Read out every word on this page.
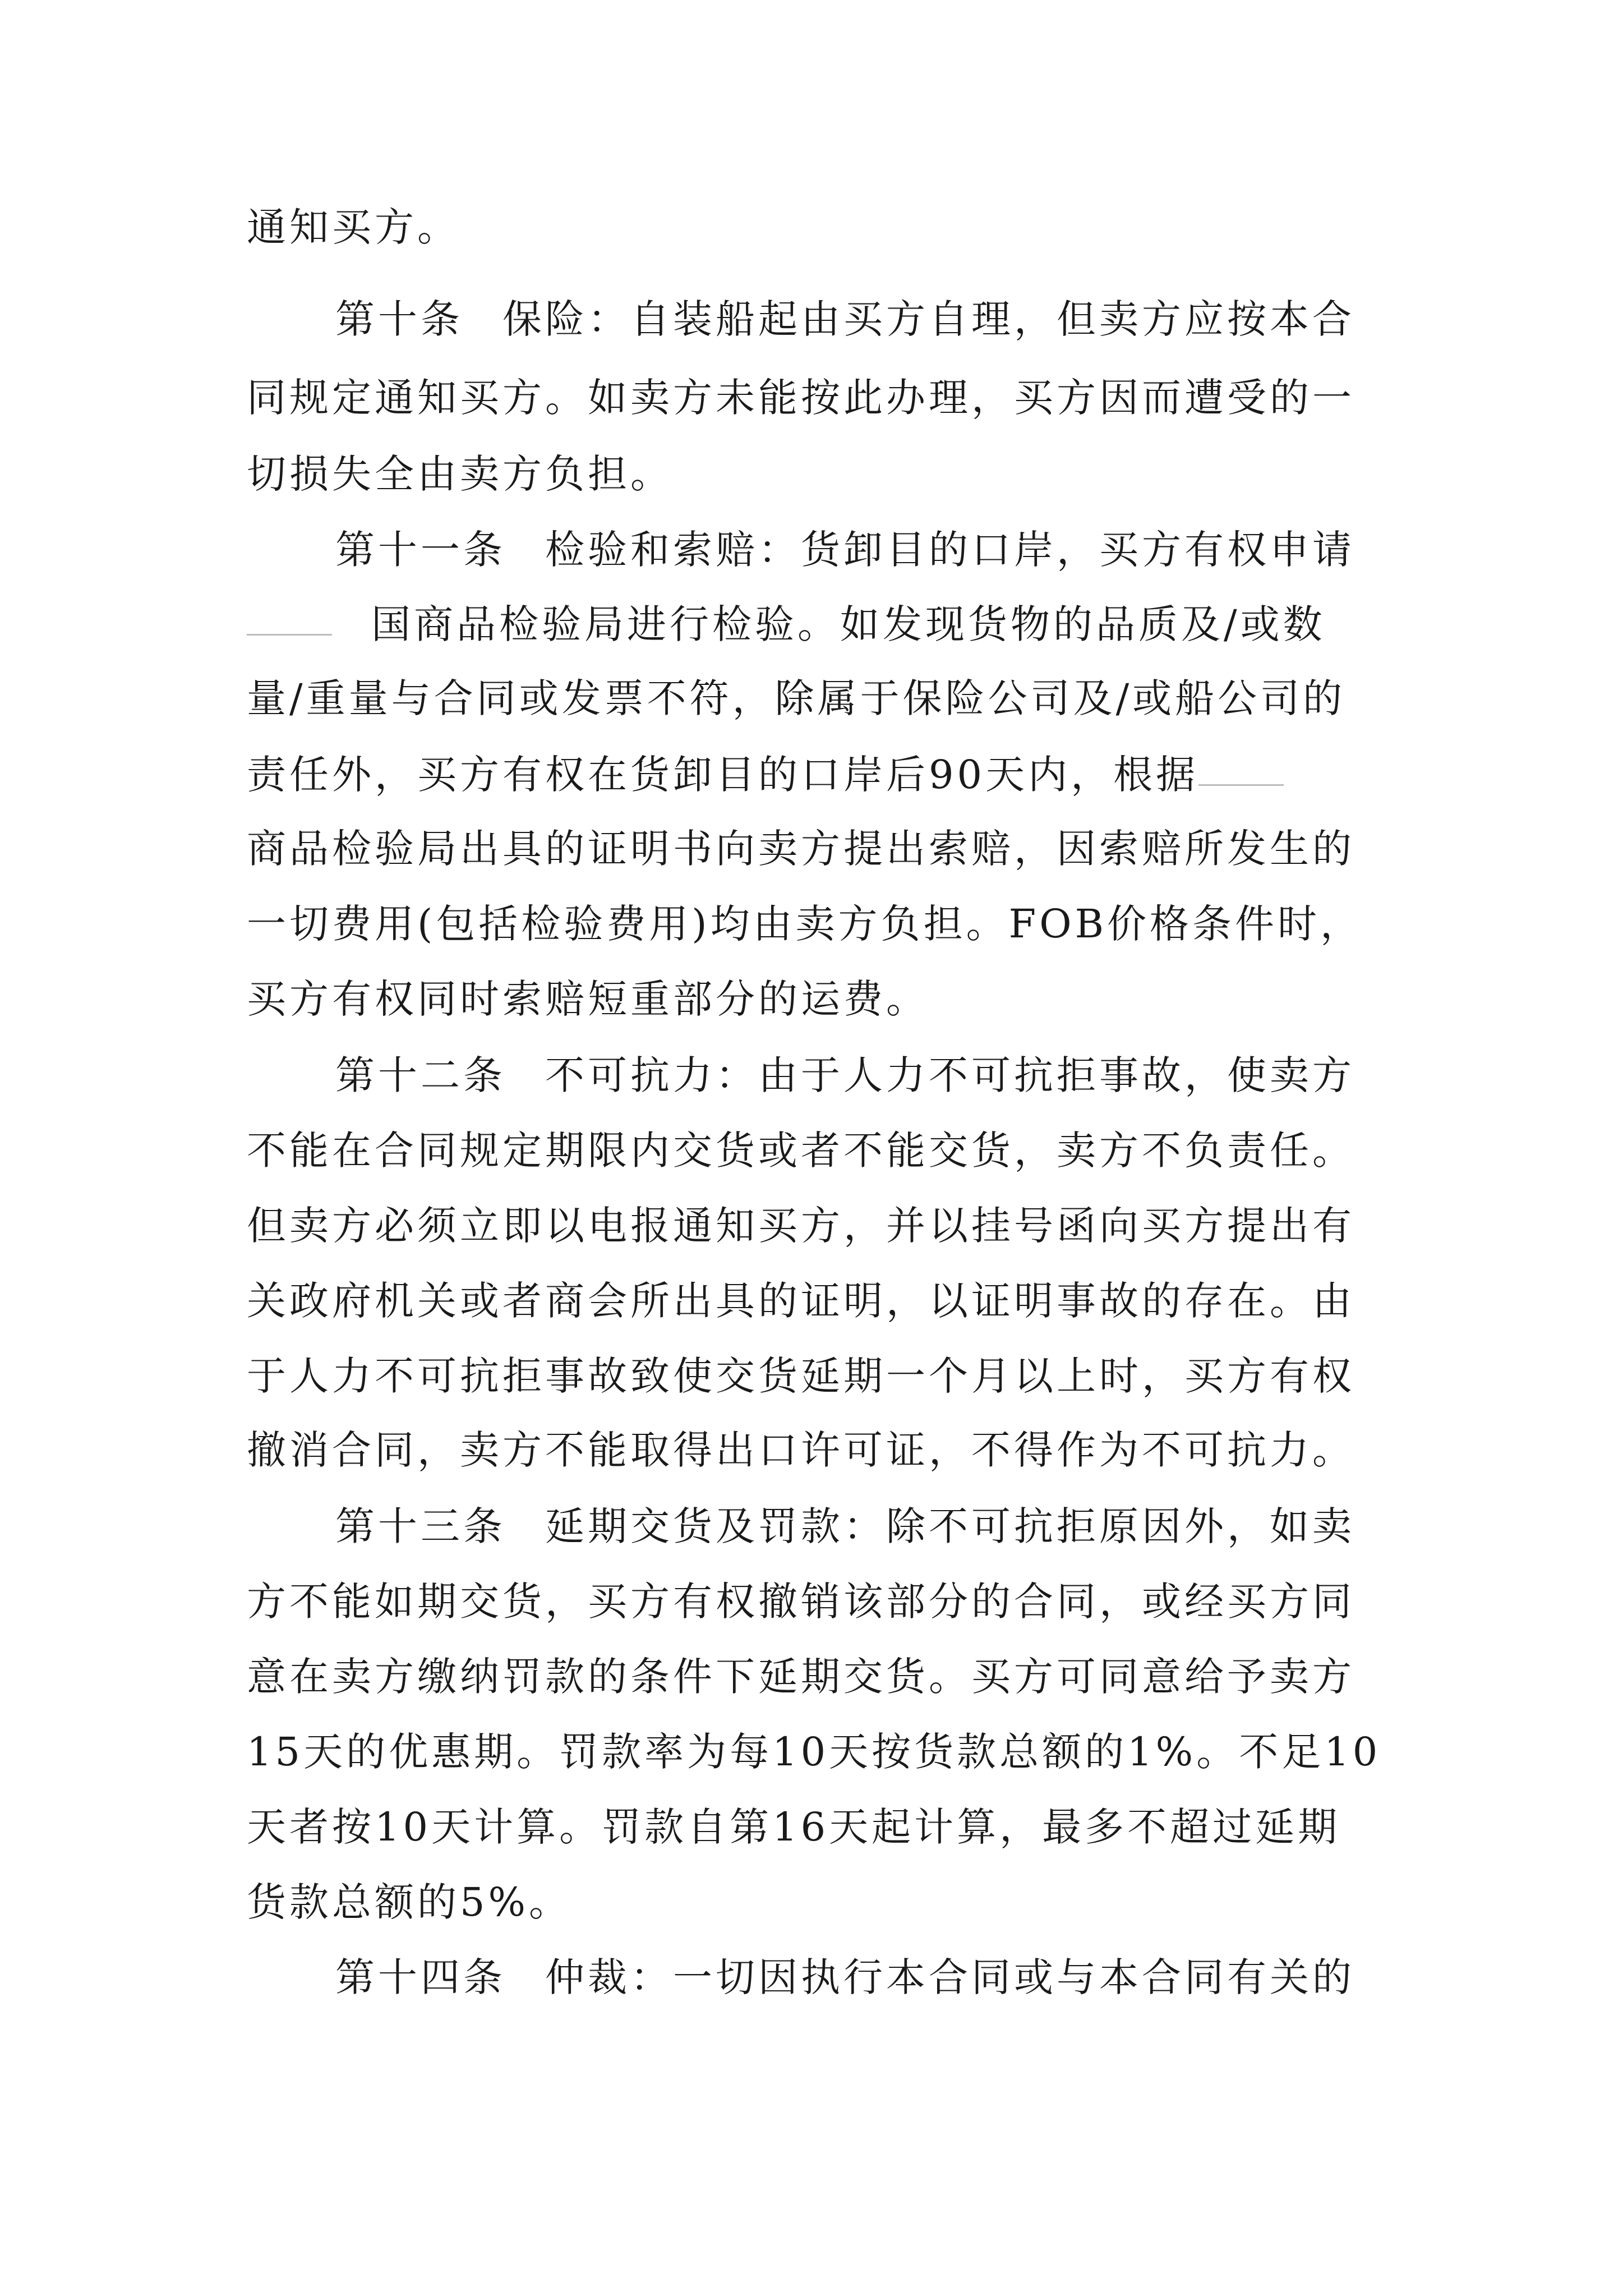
通知买方。
第十条 保险：自装船起由买方自理，但卖方应按本合
同规定通知买方。如卖方未能按此办理，买方因而遭受的一
切损失全由卖方负担。
第十一条 检验和索赔：货卸目的口岸，买方有权申请
国商品检验局进行检验。如发现货物的品质及/或数
量/重量与合同或发票不符，除属于保险公司及/或船公司的
责任外，买方有权在货卸目的口岸后90天内，根据
商品检验局出具的证明书向卖方提出索赔，因索赔所发生的
一切费用(包括检验费用)均由卖方负担。FOB价格条件时，
买方有权同时索赔短重部分的运费。
第十二条 不可抗力：由于人力不可抗拒事故，使卖方
不能在合同规定期限内交货或者不能交货，卖方不负责任。
但卖方必须立即以电报通知买方，并以挂号函向买方提出有
关政府机关或者商会所出具的证明，以证明事故的存在。由
于人力不可抗拒事故致使交货延期一个月以上时，买方有权
撤消合同，卖方不能取得出口许可证，不得作为不可抗力。
第十三条 延期交货及罚款：除不可抗拒原因外，如卖
方不能如期交货，买方有权撤销该部分的合同，或经买方同
意在卖方缴纳罚款的条件下延期交货。买方可同意给予卖方
15天的优惠期。罚款率为每10天按货款总额的1%。不足10
天者按10天计算。罚款自第16天起计算，最多不超过延期
货款总额的5%。
第十四条 仲裁：一切因执行本合同或与本合同有关的
